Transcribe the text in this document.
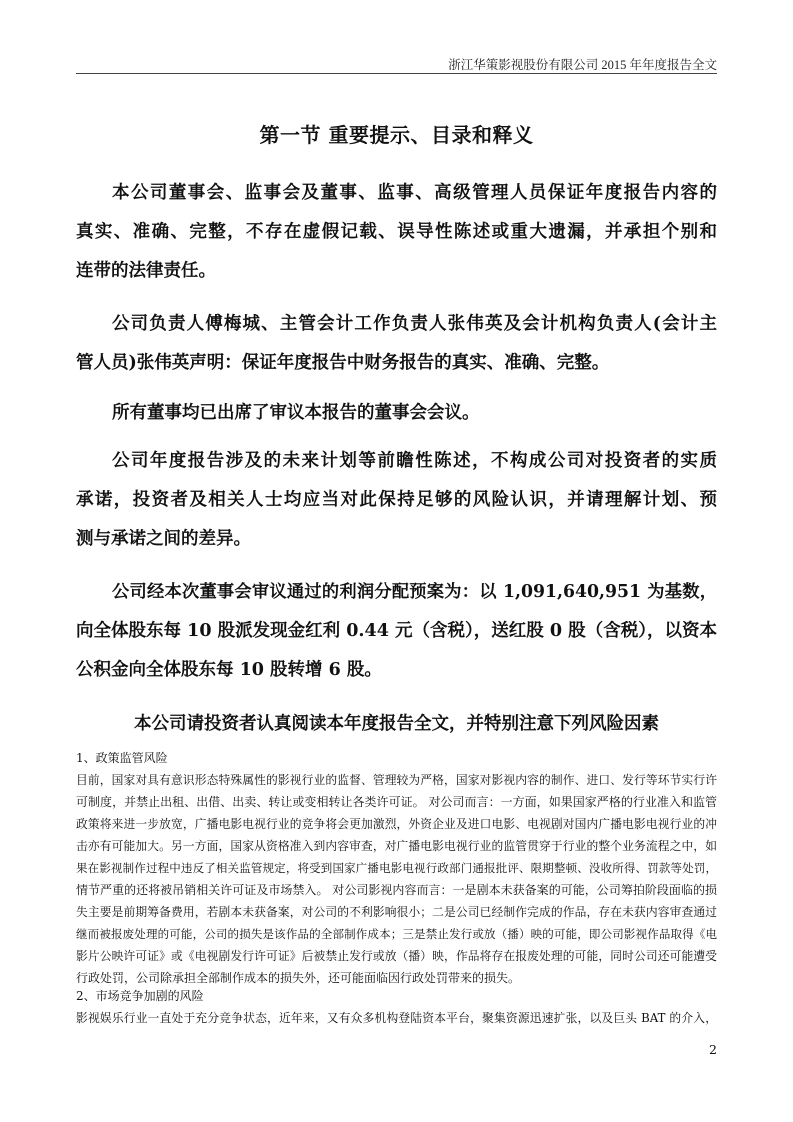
浙江华策影视股份有限公司 2015 年年度报告全文
第一节 重要提示、目录和释义
本公司董事会、监事会及董事、监事、高级管理人员保证年度报告内容的
真实、准确、完整，不存在虚假记载、误导性陈述或重大遗漏，并承担个别和
连带的法律责任。
公司负责人傅梅城、主管会计工作负责人张伟英及会计机构负责人(会计主
管人员)张伟英声明：保证年度报告中财务报告的真实、准确、完整。
所有董事均已出席了审议本报告的董事会会议。
公司年度报告涉及的未来计划等前瞻性陈述，不构成公司对投资者的实质
承诺，投资者及相关人士均应当对此保持足够的风险认识，并请理解计划、预
测与承诺之间的差异。
公司经本次董事会审议通过的利润分配预案为：以 1,091,640,951 为基数，
向全体股东每 10 股派发现金红利 0.44 元（含税），送红股 0 股（含税），以资本
公积金向全体股东每 10 股转增 6 股。
本公司请投资者认真阅读本年度报告全文，并特别注意下列风险因素
1、政策监管风险
目前，国家对具有意识形态特殊属性的影视行业的监督、管理较为严格，国家对影视内容的制作、进口、发行等环节实行许
可制度，并禁止出租、出借、出卖、转让或变相转让各类许可证。 对公司而言：一方面，如果国家严格的行业准入和监管
政策将来进一步放宽，广播电影电视行业的竞争将会更加激烈，外资企业及进口电影、电视剧对国内广播电影电视行业的冲
击亦有可能加大。另一方面，国家从资格准入到内容审查，对广播电影电视行业的监管贯穿于行业的整个业务流程之中，如
果在影视制作过程中违反了相关监管规定，将受到国家广播电影电视行政部门通报批评、限期整顿、没收所得、罚款等处罚，
情节严重的还将被吊销相关许可证及市场禁入。 对公司影视内容而言：一是剧本未获备案的可能，公司筹拍阶段面临的损
失主要是前期筹备费用，若剧本未获备案，对公司的不利影响很小；二是公司已经制作完成的作品，存在未获内容审查通过
继而被报废处理的可能，公司的损失是该作品的全部制作成本；三是禁止发行或放（播）映的可能，即公司影视作品取得《电
影片公映许可证》或《电视剧发行许可证》后被禁止发行或放（播）映，作品将存在报废处理的可能，同时公司还可能遭受
行政处罚，公司除承担全部制作成本的损失外，还可能面临因行政处罚带来的损失。
2、市场竞争加剧的风险
影视娱乐行业一直处于充分竞争状态，近年来，又有众多机构登陆资本平台，聚集资源迅速扩张，以及巨头 BAT 的介入，
2
